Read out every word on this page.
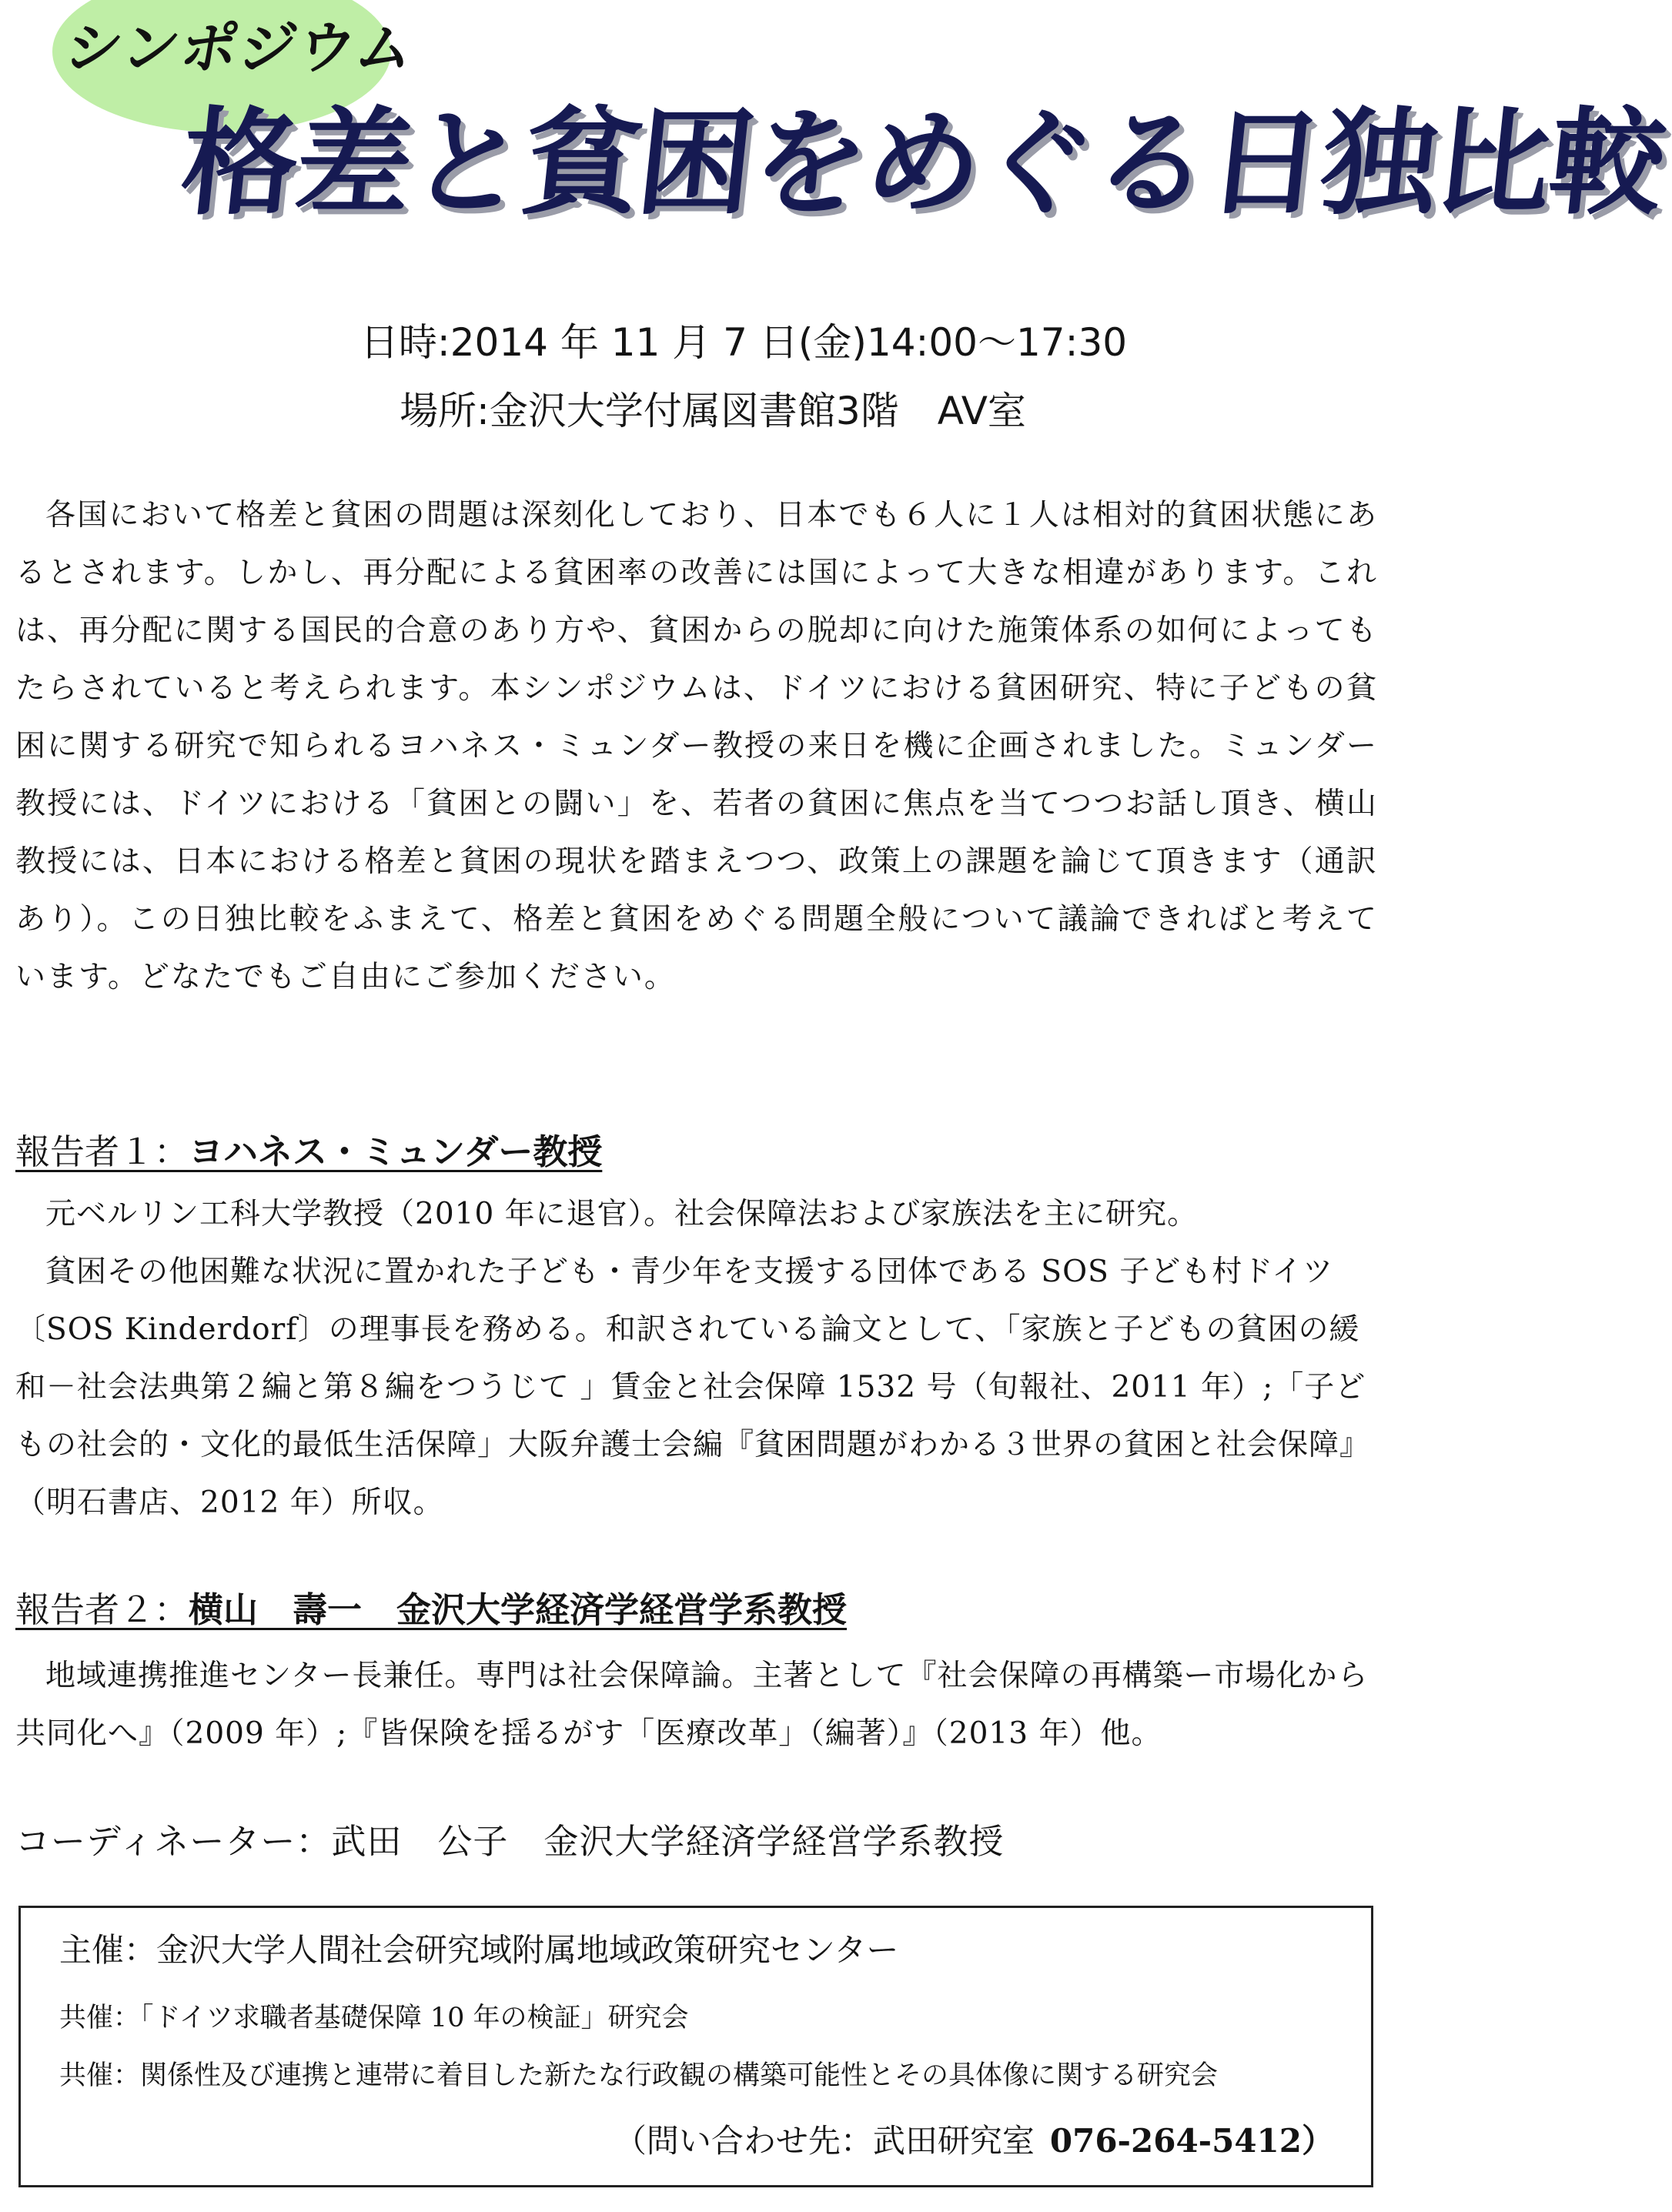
シンポジウム
格差と貧困をめぐる日独比較
日時:2014 年 11 月 7 日(金)14:00～17:30
場所:金沢大学付属図書館3階　AV室

各国において格差と貧困の問題は深刻化しており、日本でも６人に１人は相対的貧困状態にあるとされます。しかし、再分配による貧困率の改善には国によって大きな相違があります。これは、再分配に関する国民的合意のあり方や、貧困からの脱却に向けた施策体系の如何によってもたらされていると考えられます。本シンポジウムは、ドイツにおける貧困研究、特に子どもの貧困に関する研究で知られるヨハネス・ミュンダー教授の来日を機に企画されました。ミュンダー教授には、ドイツにおける「貧困との闘い」を、若者の貧困に焦点を当てつつお話し頂き、横山教授には、日本における格差と貧困の現状を踏まえつつ、政策上の課題を論じて頂きます（通訳あり）。この日独比較をふまえて、格差と貧困をめぐる問題全般について議論できればと考えています。どなたでもご自由にご参加ください。

報告者１：ヨハネス・ミュンダー教授

元ベルリン工科大学教授（2010 年に退官）。社会保障法および家族法を主に研究。

貧困その他困難な状況に置かれた子ども・青少年を支援する団体である SOS 子ども村ドイツ〔SOS Kinderdorf〕の理事長を務める。和訳されている論文として、「家族と子どもの貧困の緩和－社会法典第２編と第８編をつうじて 」賃金と社会保障 1532 号（旬報社、2011 年）;「子どもの社会的・文化的最低生活保障」大阪弁護士会編『貧困問題がわかる３世界の貧困と社会保障』（明石書店、2012 年）所収。

報告者２：横山　壽一　金沢大学経済学経営学系教授

地域連携推進センター長兼任。専門は社会保障論。主著として『社会保障の再構築ー市場化から共同化へ』（2009 年）;『皆保険を揺るがす「医療改革」（編著）』（2013 年）他。

コーディネーター：武田　公子　金沢大学経済学経営学系教授
主催：金沢大学人間社会研究域附属地域政策研究センター
共催：「ドイツ求職者基礎保障 10 年の検証」研究会
共催：関係性及び連携と連帯に着目した新たな行政観の構築可能性とその具体像に関する研究会
（問い合わせ先：武田研究室 076-264-5412）
